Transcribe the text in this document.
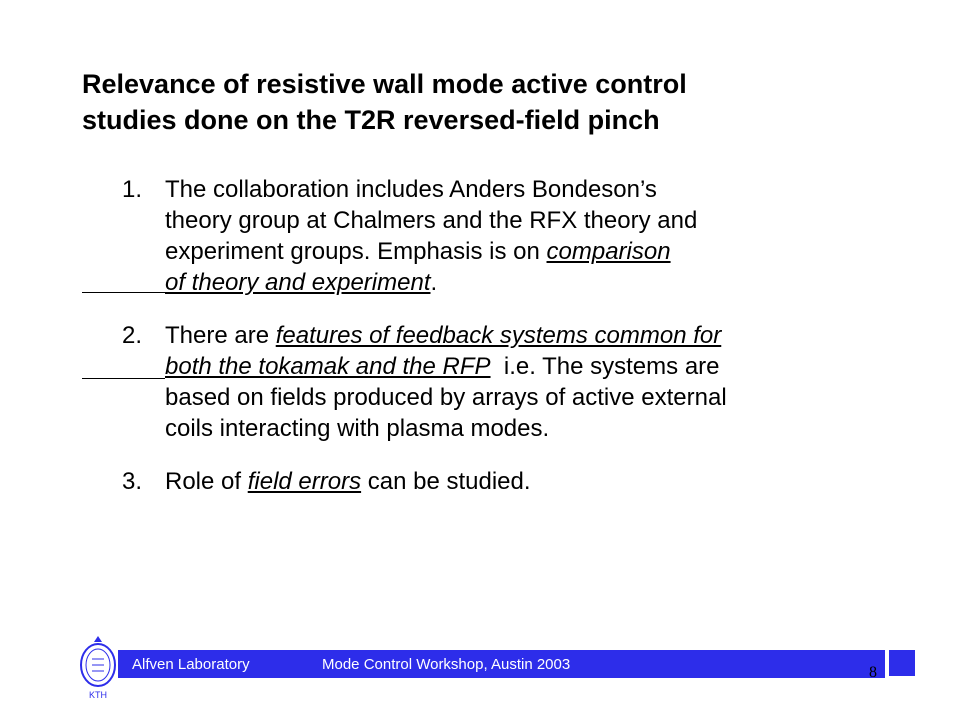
Relevance of resistive wall mode active control
studies done on the T2R reversed-field pinch
1. The collaboration includes Anders Bondeson’s
theory group at Chalmers and the RFX theory and
experiment groups. Emphasis is on comparison
of theory and experiment.
2. There are features of feedback systems common for
both the tokamak and the RFP  i.e. The systems are
based on fields produced by arrays of active external
coils interacting with plasma modes.
3. Role of field errors can be studied.
KTH
Alfven Laboratory	Mode Control Workshop, Austin 2003	8
